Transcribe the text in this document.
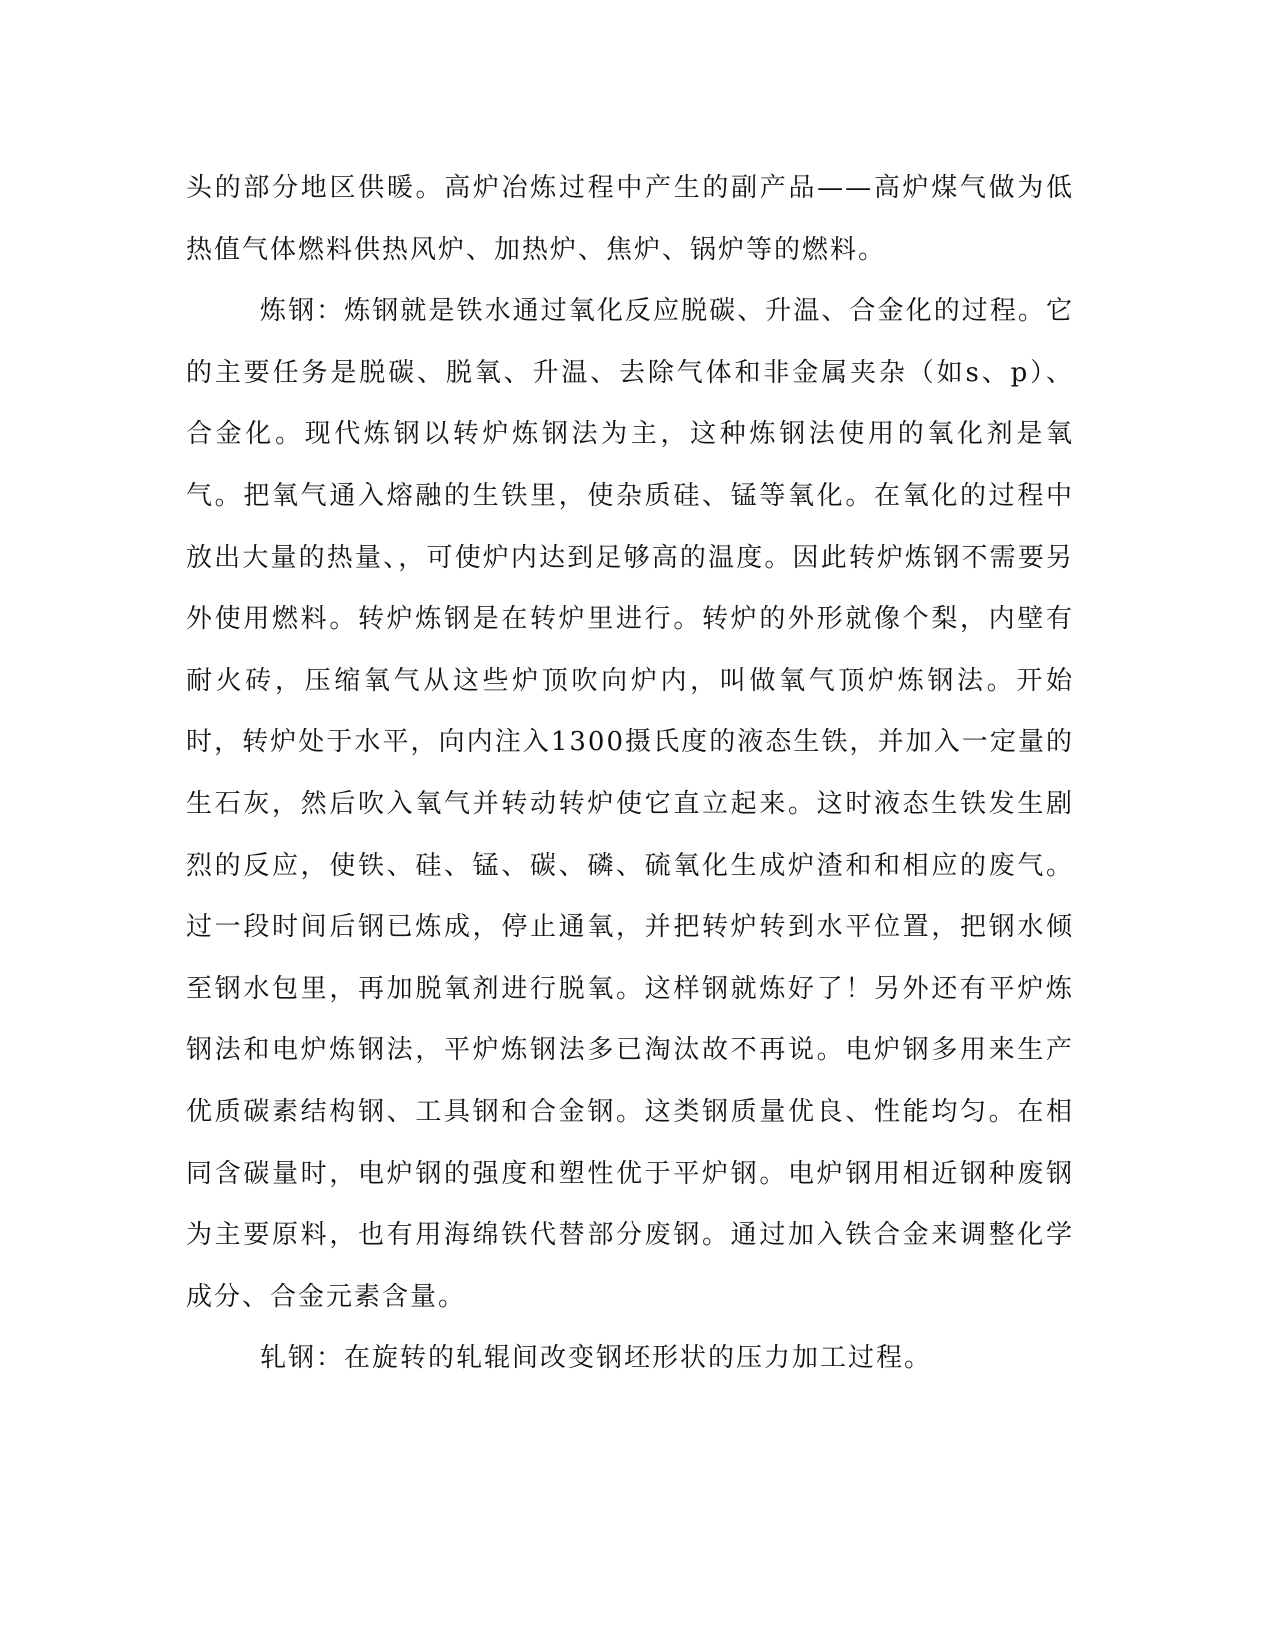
头的部分地区供暖。高炉冶炼过程中产生的副产品——高炉煤气做为低热值气体燃料供热风炉、加热炉、焦炉、锅炉等的燃料。

炼钢：炼钢就是铁水通过氧化反应脱碳、升温、合金化的过程。它的主要任务是脱碳、脱氧、升温、去除气体和非金属夹杂（如s、p）、合金化。现代炼钢以转炉炼钢法为主，这种炼钢法使用的氧化剂是氧气。把氧气通入熔融的生铁里，使杂质硅、锰等氧化。在氧化的过程中放出大量的热量、，可使炉内达到足够高的温度。因此转炉炼钢不需要另外使用燃料。转炉炼钢是在转炉里进行。转炉的外形就像个梨，内壁有耐火砖，压缩氧气从这些炉顶吹向炉内，叫做氧气顶炉炼钢法。开始时，转炉处于水平，向内注入1300摄氏度的液态生铁，并加入一定量的生石灰，然后吹入氧气并转动转炉使它直立起来。这时液态生铁发生剧烈的反应，使铁、硅、锰、碳、磷、硫氧化生成炉渣和和相应的废气。过一段时间后钢已炼成，停止通氧，并把转炉转到水平位置，把钢水倾至钢水包里，再加脱氧剂进行脱氧。这样钢就炼好了！另外还有平炉炼钢法和电炉炼钢法，平炉炼钢法多已淘汰故不再说。电炉钢多用来生产优质碳素结构钢、工具钢和合金钢。这类钢质量优良、性能均匀。在相同含碳量时，电炉钢的强度和塑性优于平炉钢。电炉钢用相近钢种废钢为主要原料，也有用海绵铁代替部分废钢。通过加入铁合金来调整化学成分、合金元素含量。

轧钢：在旋转的轧辊间改变钢坯形状的压力加工过程。
